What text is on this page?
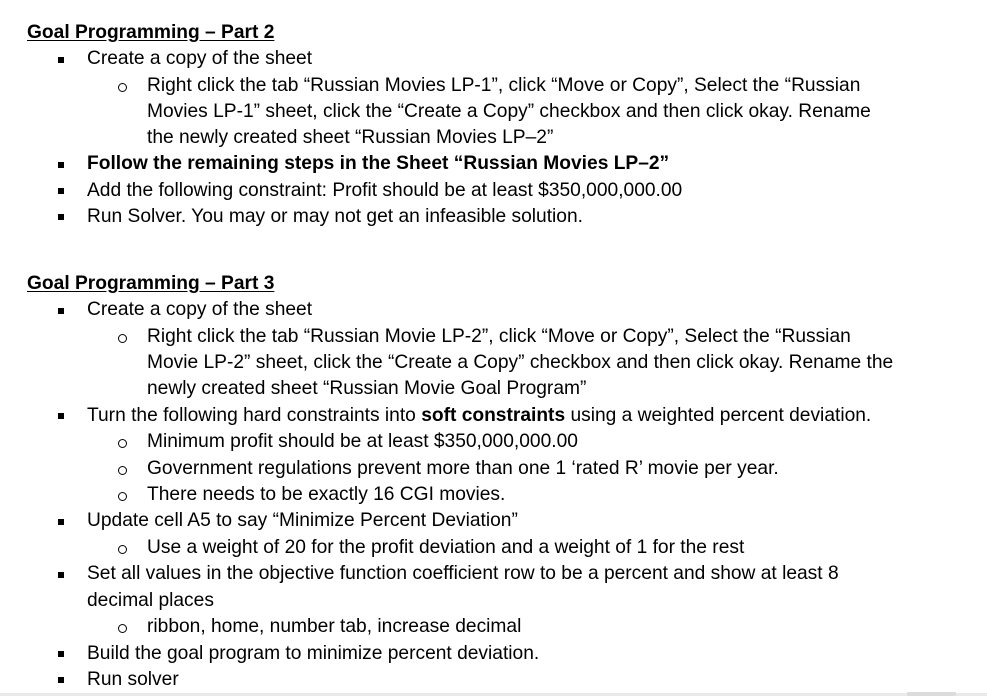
Goal Programming – Part 2
Create a copy of the sheet
Right click the tab “Russian Movies LP-1”, click “Move or Copy”, Select the “Russian
Movies LP-1” sheet, click the “Create a Copy” checkbox and then click okay. Rename
the newly created sheet “Russian Movies LP–2”
Follow the remaining steps in the Sheet “Russian Movies LP–2”
Add the following constraint: Profit should be at least $350,000,000.00
Run Solver. You may or may not get an infeasible solution.
Goal Programming – Part 3
Create a copy of the sheet
Right click the tab “Russian Movie LP-2”, click “Move or Copy”, Select the “Russian
Movie LP-2” sheet, click the “Create a Copy” checkbox and then click okay. Rename the
newly created sheet “Russian Movie Goal Program”
Turn the following hard constraints into soft constraints using a weighted percent deviation.
Minimum profit should be at least $350,000,000.00
Government regulations prevent more than one 1 ‘rated R’ movie per year.
There needs to be exactly 16 CGI movies.
Update cell A5 to say “Minimize Percent Deviation”
Use a weight of 20 for the profit deviation and a weight of 1 for the rest
Set all values in the objective function coefficient row to be a percent and show at least 8
decimal places
ribbon, home, number tab, increase decimal
Build the goal program to minimize percent deviation.
Run solver
